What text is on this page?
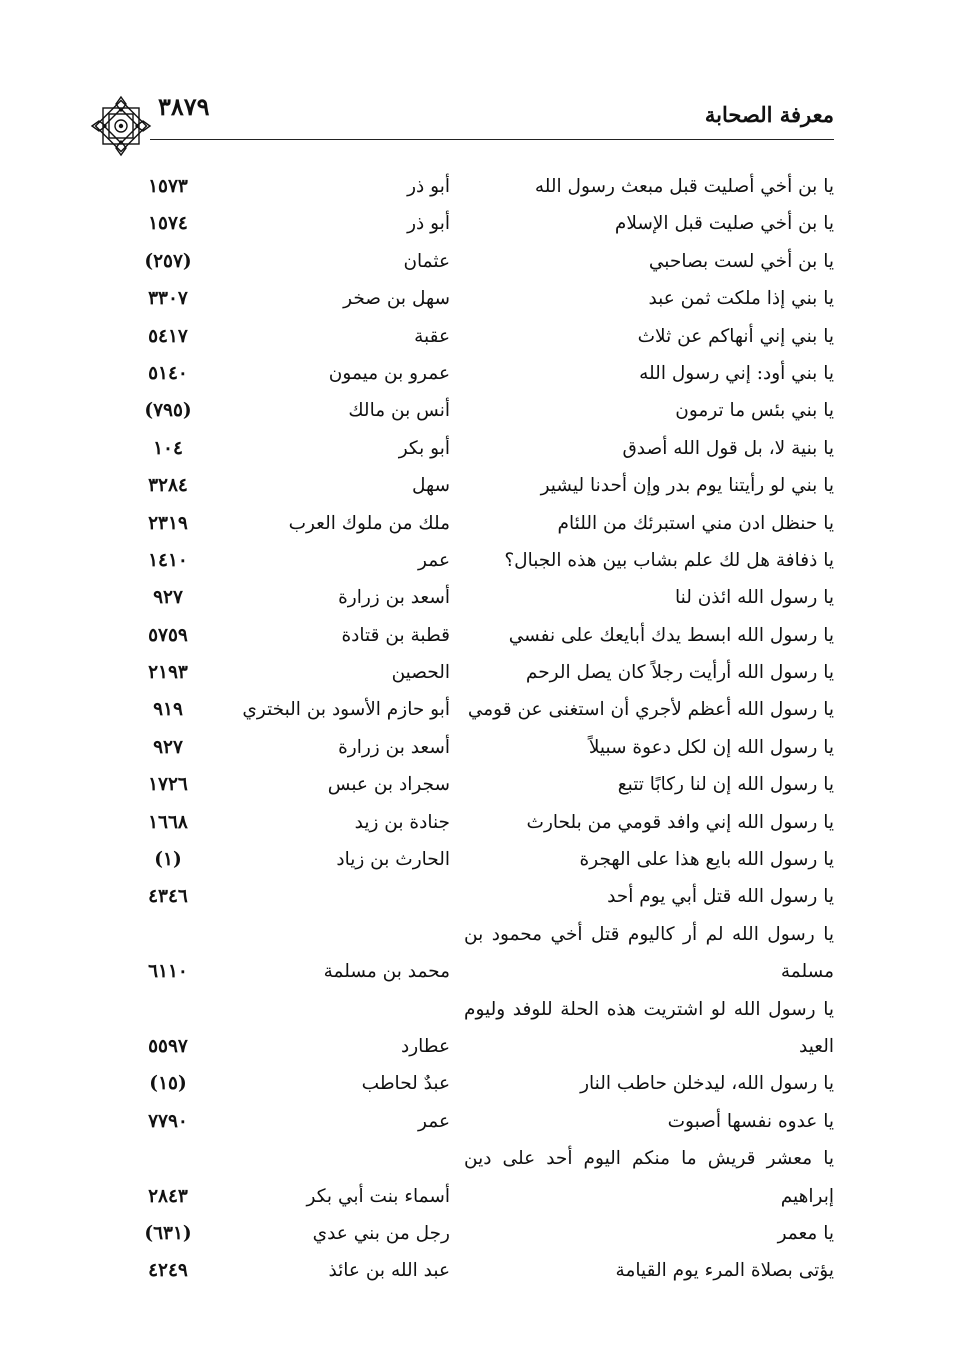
معرفة الصحابة
٣٨٧٩
يا بن أخي أصليت قبل مبعث رسول الله
أبو ذر
١٥٧٣
يا بن أخي صليت قبل الإسلام
أبو ذر
١٥٧٤
يا بن أخي لست بصاحبي
عثمان
(٢٥٧)
يا بني إذا ملكت ثمن عبد
سهل بن صخر
٣٣٠٧
يا بني إني أنهاكم عن ثلاث
عقبة
٥٤١٧
يا بني أود: إني رسول الله
عمرو بن ميمون
٥١٤٠
يا بني بئس ما ترمون
أنس بن مالك
(٧٩٥)
يا بنية لا، بل قول الله أصدق
أبو بكر
١٠٤
يا بني لو رأيتنا يوم بدر وإن أحدنا ليشير
سهل
٣٢٨٤
يا حنظل ادن مني استبرئك من اللئام
ملك من ملوك العرب
٢٣١٩
يا ذفافة هل لك علم بشاب بين هذه الجبال؟
عمر
١٤١٠
يا رسول الله ائذن لنا
أسعد بن زرارة
٩٢٧
يا رسول الله ابسط يدك أبايعك على نفسي
قطبة بن قتادة
٥٧٥٩
يا رسول الله أرأيت رجلاً كان يصل الرحم
الحصين
٢١٩٣
يا رسول الله أعظم لأجري أن استغنى عن قومي
أبو حازم الأسود بن البختري
٩١٩
يا رسول الله إن لكل دعوة سبيلاً
أسعد بن زرارة
٩٢٧
يا رسول الله إن لنا ركابًا تتبع
سجراد بن عبس
١٧٢٦
يا رسول الله إني وافد قومي من بلحارث
جنادة بن زيد
١٦٦٨
يا رسول الله بايع هذا على الهجرة
الحارث بن زياد
(١)
يا رسول الله قتل أبي يوم أحد
٤٣٤٦
يا رسول الله لم أر كاليوم قتل أخي محمود بن مسلمة
محمد بن مسلمة
٦١١٠
يا رسول الله لو اشتريت هذه الحلة للوفد وليوم العيد
عطارد
٥٥٩٧
يا رسول الله، ليدخلن حاطب النار
عبدٌ لحاطب
(١٥)
يا عدوه نفسها أصبوت
عمر
٧٧٩٠
يا معشر قريش ما منكم اليوم أحد على دين إبراهيم
أسماء بنت أبي بكر
٢٨٤٣
يا معمر
رجل من بني عدي
(٦٣١)
يؤتى بصلاة المرء يوم القيامة
عبد الله بن عائذ
٤٢٤٩
